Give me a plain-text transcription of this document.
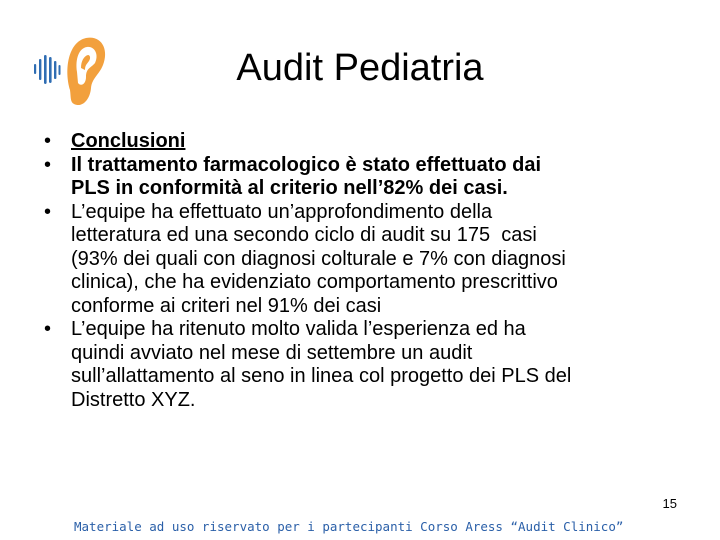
Audit Pediatria
• Conclusioni
• Il trattamento farmacologico è stato effettuato dai
PLS in conformità al criterio nell’82% dei casi.
• L’equipe ha effettuato un’approfondimento della
letteratura ed una secondo ciclo di audit su 175  casi
(93% dei quali con diagnosi colturale e 7% con diagnosi
clinica), che ha evidenziato comportamento prescrittivo
conforme ai criteri nel 91% dei casi
• L’equipe ha ritenuto molto valida l’esperienza ed ha
quindi avviato nel mese di settembre un audit
sull’allattamento al seno in linea col progetto dei PLS del
Distretto XYZ.
15
Materiale ad uso riservato per i partecipanti Corso Aress “Audit Clinico”
